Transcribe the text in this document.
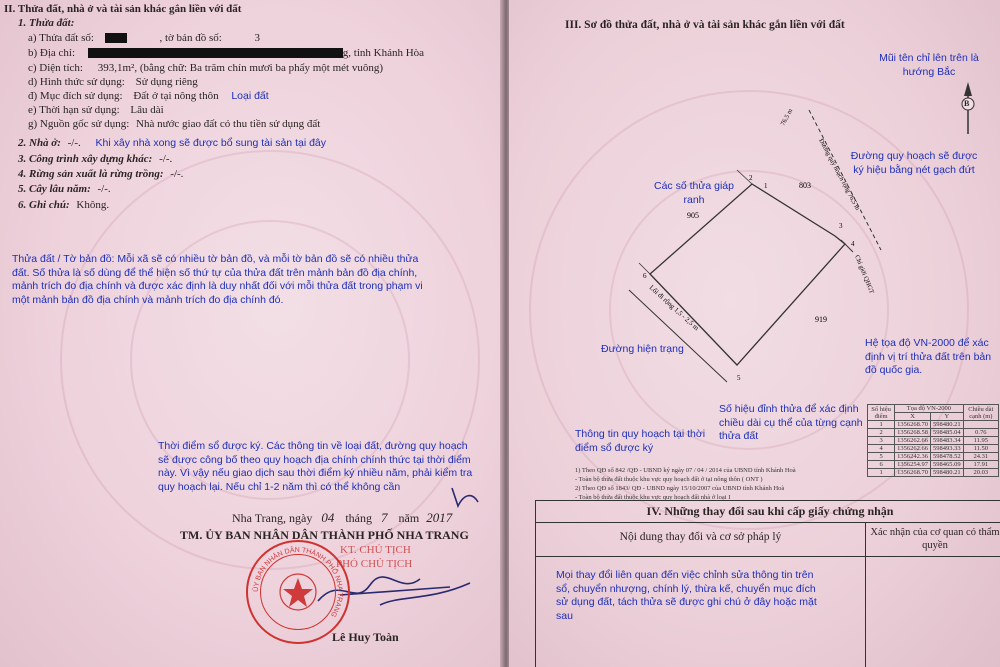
II. Thửa đất, nhà ở và tài sản khác gắn liền với đất
1. Thửa đất:
a) Thửa đất số:	, tờ bản đồ số:	3
b) Địa chỉ:	g, tỉnh Khánh Hòa
c) Diện tích: 393,1m², (bằng chữ: Ba trăm chín mươi ba phẩy một mét vuông)
d) Hình thức sử dụng: Sử dụng riêng
đ) Mục đích sử dụng: Đất ở tại nông thôn Loại đất
e) Thời hạn sử dụng: Lâu dài
g) Nguồn gốc sử dụng: Nhà nước giao đất có thu tiền sử dụng đất
2. Nhà ở: -/-. Khi xây nhà xong sẽ được bổ sung tài sản tại đây
3. Công trình xây dựng khác: -/-.
4. Rừng sản xuất là rừng trồng: -/-.
5. Cây lâu năm: -/-.
6. Ghi chú: Không.
Thửa đất / Tờ bản đồ: Mỗi xã sẽ có nhiều tờ bản đồ, và mỗi tờ bản đồ sẽ có nhiều thửa đất. Số thửa là số dùng để thể hiện số thứ tự của thửa đất trên mảnh bản đồ địa chính, mảnh trích đo địa chính và được xác định là duy nhất đối với mỗi thửa đất trong phạm vi một mảnh bản đồ địa chính và mảnh trích đo địa chính đó.
Thời điểm sổ được ký. Các thông tin về loại đất, đường quy hoạch sẽ được công bố theo quy hoạch địa chính chính thức tại thời điểm này. Vì vậy nếu giao dịch sau thời điểm ký nhiều năm, phải kiểm tra quy hoạch lại. Nếu chỉ 1-2 năm thì có thể không cần
Nha Trang, ngày 04 tháng 7 năm 2017
TM. ỦY BAN NHÂN DÂN THÀNH PHỐ NHA TRANG
KT. CHỦ TỊCH
PHÓ CHỦ TỊCH
Lê Huy Toàn
ỦY BAN NHÂN DÂN THÀNH PHỐ NHA TRANG
III. Sơ đồ thửa đất, nhà ở và tài sản khác gắn liền với đất
Mũi tên chỉ lên trên là hướng Bắc
B
Đường quy hoạch sẽ được ký hiệu bằng nét gạch đứt
Các số thửa giáp ranh
Đường hiện trạng
Số hiệu đỉnh thửa để xác định chiều dài cụ thể của từng cạnh thửa đất
Hệ tọa độ VN-2000 để xác định vị trí thửa đất trên bản đồ quốc gia.
Thông tin quy hoạch tại thời điểm sổ được ký
1
2
3
4
5
6
803
905
919
76.5 m
Đường quy hoạch rộng 76,5 m
Lối đi rộng 1,5 - 2,5 m
Chỉ giới QHGT
Số hiệu điểm	Tọa độ VN-2000		Chiều dài cạnh (m)
	X	Y	
1	1356268.70	598480.21	
2	1356268.58	598485.04	0.76
3	1356262.66	598483.34	11.95
4	1356262.66	598493.33	11.50
5	1356242.36	598478.52	24.31
6	1356254.97	598465.09	17.91
1	1356268.70	598480.21	20.03
1) Theo QĐ số 842 /QĐ - UBND ký ngày 07 / 04 / 2014 của UBND tỉnh Khánh Hoà
- Toàn bộ thửa đất thuộc khu vực quy hoạch đất ở tại nông thôn ( ONT )
2) Theo QĐ số 1843/ QĐ - UBND ngày 15/10/2007 của UBND tỉnh Khánh Hoà
- Toàn bộ thửa đất thuộc khu vực quy hoạch đất nhà ở loại I
IV. Những thay đổi sau khi cấp giấy chứng nhận	
Nội dung thay đổi và cơ sở pháp lý	Xác nhận của cơ quan có thẩm quyền

Mọi thay đổi liên quan đến việc chỉnh sửa thông tin trên sổ, chuyển nhượng, chính lý, thừa kế, chuyển mục đích sử dụng đất, tách thửa sẽ được ghi chú ở đây hoặc mặt sau	
